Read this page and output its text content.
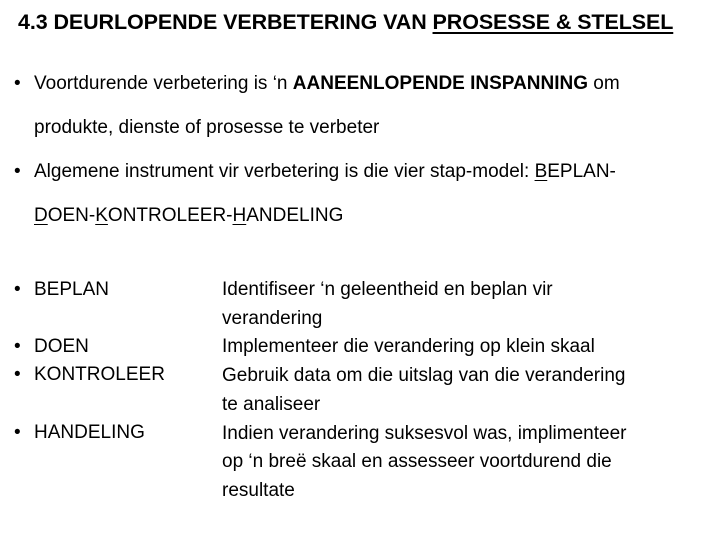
4.3 DEURLOPENDE VERBETERING VAN PROSESSE & STELSEL
• Voortdurende verbetering is ‘n AANEENLOPENDE INSPANNING om
produkte, dienste of prosesse te verbeter
• Algemene instrument vir verbetering is die vier stap-model: BEPLAN-
DOEN-KONTROLEER-HANDELING
• BEPLAN
• DOEN
• KONTROLEER
• HANDELING
Identifiseer ‘n geleentheid en beplan vir
verandering
Implementeer die verandering op klein skaal
Gebruik data om die uitslag van die verandering
te analiseer
Indien verandering suksesvol was, implimenteer
op ‘n breë skaal en assesseer voortdurend die
resultate
